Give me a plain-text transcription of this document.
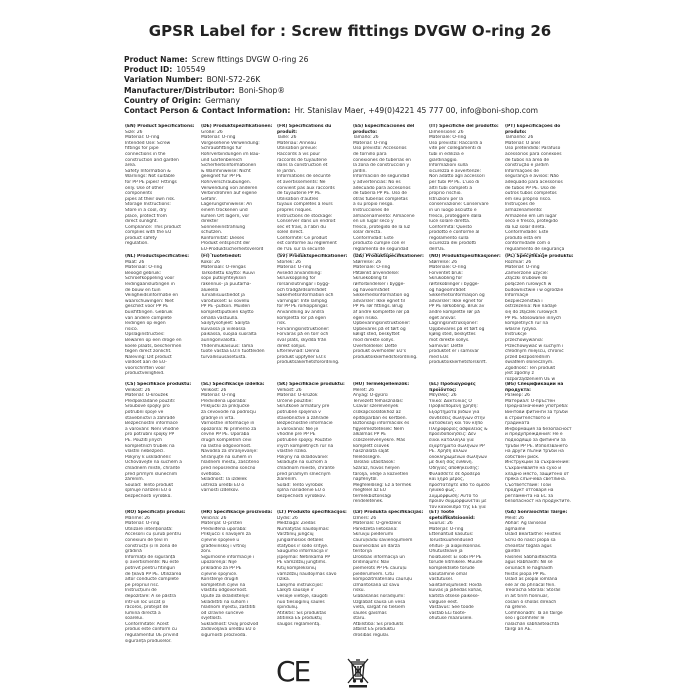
GPSR Label for : Screw fittings DVGW O-ring 26
Product Name: Screw fittings DVGW O-ring 26
Product ID: 105549
Variation Number: BONI-S72-26K
Manufacturer/Distributor: Boni-Shop®
Country of Origin: Germany
Contact Person & Contact Information: Hr. Stanislav Maer, +49(0)4221 45 777 00, info@boni-shop.com
(EN) Product Specifications:
Size: 26
Material: O-ring
Intended Use: Screw
fittings for pipe
connections in the
construction and garden
area.
Safety Information &
Warnings: Not suitable
for PP PE pipes! Fittings
only. Use of other
components
pipes at their own risk.
Storage Instructions:
Store in a cool, dry
place, protect from
direct sunlight.
Compliance: This product
complies with the EU
product safety
regulation.
(DE) Produktspezifikationen:
Größe: 26
Material: O-ring
Vorgesehene Verwendung:
Schraubfittings für
Rohrverbindungen im Bau-
und Gartenbereich
Sicherheitsinformationen
& Warnhinweise: Nicht
geeignet für PP PE
Rohrverschraubungen.
Verwendung von anderen
Verbindrohren auf eigene
Gefahr.
Lagerungshinweise: An
einem trockenen und
kühlen Ort lagern, vor
direkter
Sonneneinstrahlung
schützen.
Konformität: Dieses
Produkt entspricht der
EU-Produktsicherheitsverord
(FR) Spécifications du produit:
Taille: 26
Matériau: Anneau
Utilisation prévue:
Raccords à vis pour
raccords de tuyauterie
dans la construction et
le jardin.
Informations de sécurité
et avertissements: Ne
convient pas aux raccords
de tuyauterie PP PE.
Utilisation d'autres
tuyaux complètes à leurs
propres risques.
Instructions de stockage:
Conserver dans un endroit
sec et frais, à l'abri du
soleil direct.
Conformité: Ce produit
est conforme au règlement
de l'UE sur la sécurité
(ES) Especificaciones del producto:
Tamaño: 26
Material: O-ring
Uso previsto: Accesorios
de tornillo para
conexiones de tuberías en
la zona de construcción y
jardín.
Información de seguridad
y advertencias: No es
adecuado para accesorios
de tubería PP PE. Uso de
otras tuberías completas
a su propio riesgo.
Instrucciones de
almacenamiento: Almacene
en un lugar seco y
fresco, protegido de la luz
solar directa.
Conformidad: Este
producto cumple con el
reglamento de seguridad
(IT) Specifiche del prodotto:
Dimensione: 26
Materiale: O-ring
Uso previsto: Raccordi a
vite per collegamenti di
tubi in edilizia e
giardinaggio.
Informazioni sulla
sicurezza e avvertenze:
Non adatto agli accessori
per tubi PP PE. L'uso di
altri tubi completi a
proprio rischio.
Istruzioni per la
conservazione: Conservare
in un luogo asciutto e
fresco, proteggere dalla
luce solare diretta.
Conformità: Questo
prodotto è conforme al
regolamento sulla
sicurezza dei prodotti
dell'UE.
(PT) Especificações do produto:
Tamanho: 26
Material: O anel
Uso pretendido: Parafuso
acessórios para conexões
de tubos na área de
construção e jardim
Informações de
segurança e avisos: Não
adequado para acessórios
de tubos PP PE. Uso de
outros tubos completos
em seu próprio risco.
Instruções de
armazenamento:
Armazene em um lugar
seco e fresco, protegido
da luz solar direta.
Conformidade: Este
produto está em
conformidade com o
regulamento de segurança
(NL) Productspecificaties:
Maat: 26
Materiaal: O-ring
Beoogd gebruik:
Schroefkoppeling voor
leidingaansluitingen in
de bouw en tuin
Veiligheidsinformatie en
waarschuwingen: Niet
geschikt voor PP PE
buisfittingen. Gebruik
van andere complete
leidingen op eigen
risico.
Opslaginstructies:
Bewaren op een droge en
koele plaats, beschermen
tegen direct zonlicht.
Naleving: Dit product
voldoet aan de EU-
voorschriften voor
productveiligheid.
(FI) Tuotetiedot:
Koko: 26
Materiaali: O-rengas
Tarkoitettu käyttö: Ruuvi
sopii putkiyhteyksiin
rakennus- ja puutarha-
alueella
Turvallisuustiedot ja
varoitukset: Ei sovellu
PP PE -putkiin. Muiden
komplettiputkien käyttö
omalla vastuulla.
Säilytysohjeet: Säilytä
kuivassa ja viileässä
paikassa, suojaa suoralta
auringonvalolta.
Yhdenmukaisuus: Tämä
tuote vastaa EU:n tuotteiden
turvallisuusasetusta.
(SV) Produktspecifikationer:
Storlek: 26
Material: O-ring
Avsedd användning:
Skruvkoppling för
rörsanslutningar i bygg-
och trädgårdsområdet
Säkerhetsinformation och
varningar: Inte lämplig
för PP PE rörkopplingar.
Användning av andra
kompletta rör på egen
risk.
Förvaringsinstruktioner:
Förvaras på en torr och
sval plats, skydda från
direkt solljus.
Efterlevnad: Denna
produkt uppfyller EU:s
produktsäkerhetsförordning.
(DA) Produktspecifikationer:
Størrelse: 26
Materiale: O-ring
Påtænkt anvendelse:
Skruekobling til
rørforbindelser i bygge-
og haveområdet
Sikkerhedsinformation og
advarsler: Ikke egnet til
PP PE rør fittings. Brug
af andre komplette rør på
egen risiko.
Opbevaringsinstruktioner:
Opbevares på et tørt og
køligt sted, beskyttet
mod direkte sollys.
Overholdelse: Dette
produkt overholder EU's
produktsikkerhedsforordning.
(NO) Produktspesifikasjoner:
Størrelse: 26
Materiale: O-ring
Forventet bruk:
Skrukobling for
rørtilkoblinger i bygge-
og hageområdet
Sikkerhetsinformasjon og
advarsler: Ikke egnet for
PP PE rørkobling. Bruk av
andre komplette rør på
eget ansvar.
Lagringsinstruksjoner:
Oppbevares på et tørt og
kjølig sted, beskyttes
mot direkte sollys.
Samsvar: Dette
produktet er i samsvar
med EUs
produktsikkerhetsforskrift.
(PL) Specyfikacje produktu:
Rozmiar: 26
Materiał: O-ring
Zamierzone użycie:
Złączki śrubowe do
połączeń rurowych w
budownictwie i w ogrodzie
Informacje
bezpieczeństwa i
ostrzeżenia: Nie nadaje
się do złączek rurowych
PP PE. Stosowanie innych
kompletnych rur na
własne ryzyko.
Instrukcje
przechowywania:
Przechowywać w suchym i
chłodnym miejscu, chronić
przed bezpośrednim
światłem słonecznym.
Zgodność: Ten produkt
jest zgodny z
rozporządzeniem UE w
(CS) Specifikace produktu:
Velikost: 26
Materiál: O-kroužek
Předpokládané použití:
Šroubové spojky pro
potrubní spoje ve
stavebnictví a zahradě
Bezpečnostní informace
a varování: Není vhodné
pro potrubní spojky PP
PE. Použití jiných
kompletních trubek na
vlastní nebezpečí.
Pokyny k uskladnění:
Uchovávejte na suchém a
chladném místě, chraňte
před přímým slunečním
zářením.
Soulad: Tento produkt
splňuje nařízení EU o
bezpečnosti výrobků.
(SL) Specifikacije izdelka:
Velikost: 26
Material: O-ring
Predvidena uporaba:
Priključki za priključke
za cevovode na področju
gradnje in vrta.
Varnostne informacije in
opozorila: Ni primerno za
cevne PP PE. Uporaba
drugih kompletnih cevi
na lastno odgovornost.
Navodila za shranjevanje:
Shranjujte na suhem in
hladnem mestu, zaščiteno
pred neposredno sončno
svetlobo.
Skladnost: Ta izdelek
ustreza uredbi EU o
varnosti izdelkov.
(SK) Špecifikácie produktu:
Veľkosť: 26
Materiál: O-krúžok
Určené použitie:
Skrutkové armatúry pre
potrubné spojenia v
stavebníctve a záhrade
Bezpečnostné informácie
a varovania: Nie je
vhodné pre PP PE
potrubné spojky. Použitie
iných kompletných rúr na
vlastné riziko.
Pokyny na skladovanie:
Skladujte na suchom a
chladnom mieste, chráňte
pred priamym slnečným
žiarením.
Súlad: Tento výrobok
spĺňa nariadenie EÚ o
bezpečnosti výrobkov.
(HU) Termékjellemzők:
Méret: 26
Anyag: O-gyűrű
Tervezett felhasználás:
Csavar szerelvények
csőkapcsolatokhoz az
építőiparban és kertben.
Biztonsági információk és
figyelmeztetések: Nem
alkalmas PP PE
csőszerelvényekre. Más
komplett csövek
használata saját
felelősségre.
Tárolási utasítások:
Száraz, hűvös helyen
tárolja, védje a közvetlen
napfénytől.
Megfelelőség: Ez a termék
megfelel az EU
termékbiztonsági
rendeletének.
(EL) Προδιαγραφές προϊόντος:
Μέγεθος: 26
Υλικό: Δακτύλιος Ο
Προβλεπόμενη χρήση:
Εξαρτήματα βιδών για
συνδέσεις σωλήνων στην
κατασκευή και τον κήπο
Πληροφορίες ασφαλείας &
προειδοποιήσεις: Δεν
είναι κατάλληλο για
εξαρτήματα σωλήνων PP
PE. Χρήση άλλων
ολοκληρωμένων σωλήνων
με δική σας ευθύνη.
Οδηγίες αποθήκευσης:
Φυλάσσετε σε δροσερό
και ξηρό μέρος,
προστατέψτε από το άμεσο
ηλιακό φως.
Συμμόρφωση: Αυτό το
προϊόν συμμορφώνεται με
τον κανονισμό της ΕΕ για
(BG) Спецификации на продукта:
Размер: 26
Материал: О-пръстен
Предназначение употреба:
Винтови фитинги за тръби
в строителството и
градината
Информация за безопасност
и предупреждения: Не е
подходящо за фитинги за
тръби PP PE. Използването
на други пълни тръби на
собствен риск.
Инструкции за съхранение:
Съхранявайте на сухо и
хладно място, защитено от
пряка слънчева светлина.
Съответствие: Този
продукт отговаря на
регламента на ЕС за
безопасност на продуктите.
(RO) Specificații produs:
Mărime: 26
Material: O-ring
Utilizare intenționată:
Accesorii cu șurub pentru
conexiuni de țevi în
construcții și în zona de
grădină
Informații de siguranță
și avertismente: Nu este
potrivit pentru fitinguri
de țeavă PP PE. Utilizarea
altor conducte complete
pe propriul risc.
Instrucțiuni de
depozitare: A se păstra
într-un loc uscat și
răcoros, protejat de
lumina directă a
soarelui.
Conformitate: Acest
produs este conform cu
regulamentul UE privind
siguranța produselor.
(HR) Specifikacije proizvoda:
Veličina: 26
Materijal: O-prsten
Predviđena uporaba:
Priključci s navojem za
cijevne spojeve u
građevinskoj i vrtnoj
zoni.
Sigurnosne informacije i
upozorenja: Nije
prikladno za PP PE
cijevne spojnice.
Korištenje drugih
kompletnih cijevi na
vlastitu odgovornost.
Upute za skladištenje:
Skladištiti na suhom i
hladnom mjestu, zaštititi
od izravne sunčeve
svjetlosti.
Sukladnost: Ovaj proizvod
zadovoljava uredbu EU o
sigurnosti proizvoda.
(LT) Produkto specifikacijos:
Dydis: 26
Medžiaga: Žiedas
Numatytas naudojimas:
Varžtinių jungčių
jungiamosios detalės
statybos ir sodo srityje.
Saugumo informacija ir
įspėjimai: Netinkama PP
PE vamzdžių jungtims.
Kitų kompleksinių
vamzdžių naudojimas savo
rizika.
Laikymo instrukcijos:
Laikyti sausoje ir
vėsioje vietoje, saugoti
nuo tiesioginių saulės
spindulių.
Atitiktis: Šis produktas
atitinka ES produktų
saugos reglamentą.
(LV) Produkta specifikācijas:
Izmērs: 26
Materiāls: O-gredzens
Paredzētā lietošana:
Skrūvju piederumi
cauruļvadu savienojumiem
būvniecības un dārza
teritorijā
Drošības informācija un
brīdinājumi: Nav
piemērots PP PE cauruļu
piederumiem. Citu
kompozītmateriālu cauruļu
izmantošana uz savu
risku.
Glabāšanas norādījumi:
Uzglabāt sausā un vēsā
vietā, sargāt no tiešiem
saules gaismas
staru.
Atbilstība: Šis produkts
atbilst ES produktu
drošības regulai.
(ET) Toote spetsifikatsioonid:
Suurus: 26
Materjal: O-ring
Ettenähtud kasutus:
Torustikuühendused
ehitus- ja aiapiirkonnas.
Ohutusteave ja
hoiatused: Ei sobi PP PE
torude liitmikele. Muude
komplektsete torude
kasutamine omal
vastutusel.
Säilitamisjuhised: Hoida
kuivas ja jahedas kohas,
kaitsta otsese päikese-
valguse eest.
Vastavus: See toode
vastab ELi toote-
ohutuse määrusele.
(GA) Sonraíochtaí Táirge:
Méid: 26
Ábhar: Ag lainseail
agmailne
Úsáid Beartaithe: Feisteis
Scriú do nascí píopa sa
cheantar tógála agus
gairdín
Faisnéis Sábháilteachta
agus Rabhaidh: Níl sé
oiriúnach le haghaidh
feistis píopa PP PE.
Úsáid as píopaí iomlána
eile ar do phriacal féin.
Treoracha Stórála: Stóráil
in áit tirim fionnuar,
cosain ó sholas díreach
na gréine.
Comhlíonadh: Tá an táirge
seo i gcomhréir le
rialachán sábháilteachta
táirgí an AE.
CE
